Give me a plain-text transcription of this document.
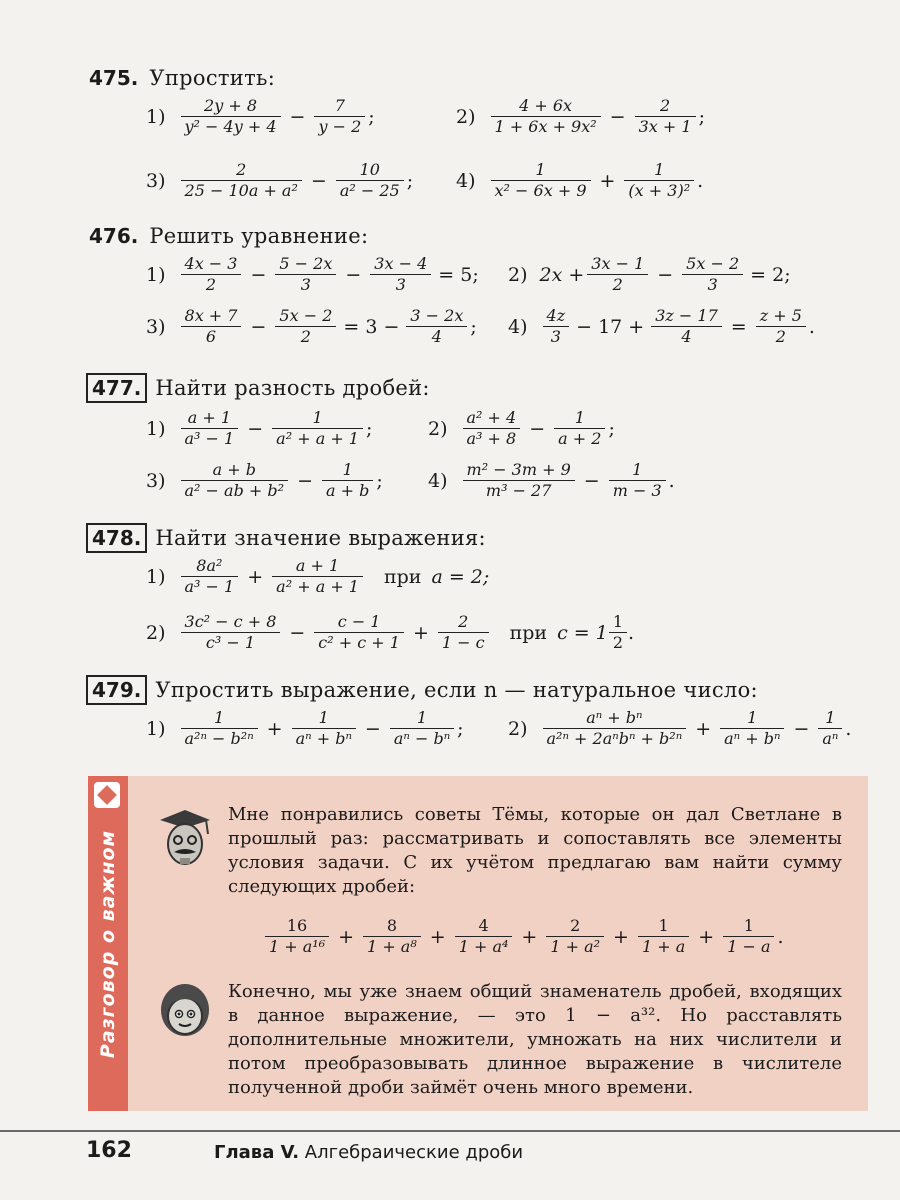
475. Упростить:
$1) \frac{2y + 8}{\text{y² − 4y + 4}} - \frac{7}{y - 2}$ ;	$2) \frac{4 + 6x}{\text{1 + 6x + 9x²}} - \frac{2}{3x + 1}$ ;
$3) \frac{2}{\text{25 − 10a + a²}} - \frac{10}{\text{a² − 25}}$ ; $4) \frac{1}{\text{x² − 6x + 9}} + \frac{1}{\text{(x + 3)²}}$ .
476. Решить уравнение:
$1) \frac{4x - 3}{2} - \frac{5 - 2x}{3} - \frac{3x - 4}{3} = 5$; 2) $2x + \frac{3x - 1}{2} - \frac{5x - 2}{3} = 2$;
$3) \frac{8x + 7}{6} - \frac{5x - 2}{2} = 3 - \frac{3 - 2x}{4}$ ; $4) \frac{4z}{3} - 17 + \frac{3z - 17}{4} = \frac{z + 5}{2}$ .
477. Найти разность дробей:
$1) \frac{a + 1}{\text{a³ − 1}} - \frac{1}{\text{a² + a + 1}}$ ;	$2) \frac{\text{a² + 4}}{\text{a³ + 8}} - \frac{1}{a + 2}$ ;
$3) \frac{a + b}{\text{a² − ab + b²}} - \frac{1}{a + b}$ ; $4) \frac{\text{m² − 3m + 9}}{\text{m³ − 27}} - \frac{1}{m - 3}$ .
478. Найти значение выражения:
$1) \frac{\text{8a²}}{\text{a³ − 1}} + \frac{a + 1}{\text{a² + a + 1}}$ при a = 2;
$2) \frac{\text{3c² − c + 8}}{\text{c³ − 1}} - \frac{c - 1}{\text{c² + c + 1}} + \frac{2}{1 - c}$ при $c = 1 \frac{1}{2}$ .
479. Упростить выражение, если n — натуральное число:
$1) \frac{1}{\text{a²ⁿ − b²ⁿ}} + \frac{1}{\text{aⁿ + bⁿ}} - \frac{1}{\text{aⁿ − bⁿ}}$ ; $2) \frac{\text{aⁿ + bⁿ}}{\text{a²ⁿ + 2aⁿbⁿ + b²ⁿ}} + \frac{1}{\text{aⁿ + bⁿ}} - \frac{1}{\text{aⁿ}}$ .
Разговор о важном
Мне понравились советы Тёмы, которые он дал Светлане в прошлый раз: рассматривать и сопоставлять все элементы условия задачи. С их учётом предлагаю вам найти сумму следующих дробей:
$\frac{16}{\text{1 + a¹⁶}} + \frac{8}{\text{1 + a⁸}} + \frac{4}{\text{1 + a⁴}} + \frac{2}{\text{1 + a²}} + \frac{1}{1 + a} + \frac{1}{1 - a}$ .
Конечно, мы уже знаем общий знаменатель дробей, входящих в данное выражение, — это 1 − a³². Но расставлять дополнительные множители, умножать на них числители и потом преобразовывать длинное выражение в числителе полученной дроби займёт очень много времени.
162	Глава V. Алгебраические дроби
